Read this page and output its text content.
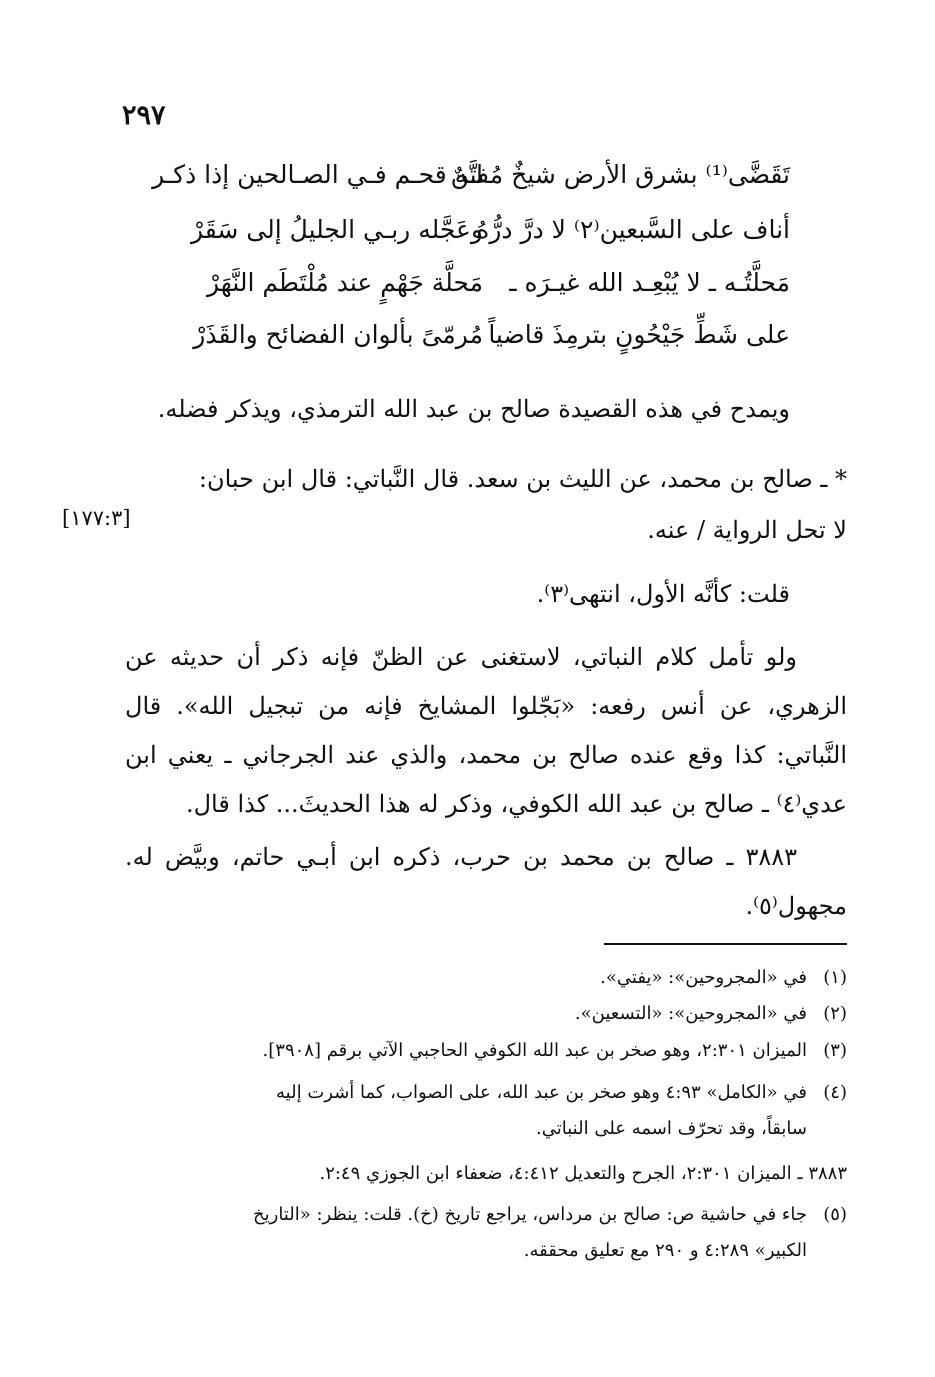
٢٩٧
تَقَضَّى⁽¹⁾ بشرق الأرض شيخٌ مُفتَّنٌ
لـه قحـم فـي الصـالحين إذا ذكـر
أناف على السَّبعين⁽٢⁾ لا درَّ درُّهُ
وعَجَّله ربـي الجليلُ إلى سَقَرْ
مَحلَّتُـه ـ لا يُبْعِـد الله غيـرَه ـ
مَحلَّة جَهْمٍ عند مُلْتَطَم النَّهَرْ
على شَطِّ جَيْحُونٍ بترمِذَ قاضياً
مُرمّىً بألوان الفضائح والقَذَرْ
ويمدح في هذه القصيدة صالح بن عبد الله الترمذي، ويذكر فضله.
* ـ صالح بن محمد، عن الليث بن سعد. قال النَّباتي: قال ابن حبان:
لا تحل الرواية / عنه.
[١٧٧:٣]
قلت: كأنَّه الأول، انتهى⁽٣⁾.
ولو تأمل كلام النباتي، لاستغنى عن الظنّ فإنه ذكر أن حديثه عن الزهري، عن أنس رفعه: «بَجّلوا المشايخ فإنه من تبجيل الله». قال النَّباتي: كذا وقع عنده صالح بن محمد، والذي عند الجرجاني ـ يعني ابن عدي⁽٤⁾ ـ صالح بن عبد الله الكوفي، وذكر له هذا الحديثَ... كذا قال.
٣٨٨٣ ـ صالح بن محمد بن حرب، ذكره ابن أبـي حاتم، وبيَّض له. مجهول⁽٥⁾.
(١)في «المجروحين»: «يفتي».
(٢)في «المجروحين»: «التسعين».
(٣)الميزان ٢:٣٠١، وهو صخر بن عبد الله الكوفي الحاجبي الآتي برقم [٣٩٠٨].
(٤)في «الكامل» ٤:٩٣ وهو صخر بن عبد الله، على الصواب، كما أشرت إليه
سابقاً، وقد تحرّف اسمه على النباتي.
٣٨٨٣ ـ الميزان ٢:٣٠١، الجرح والتعديل ٤:٤١٢، ضعفاء ابن الجوزي ٢:٤٩.
(٥)جاء في حاشية ص: صالح بن مرداس، يراجع تاريخ (خ). قلت: ينظر: «التاريخ
الكبير» ٤:٢٨٩ و ٢٩٠ مع تعليق محققه.
